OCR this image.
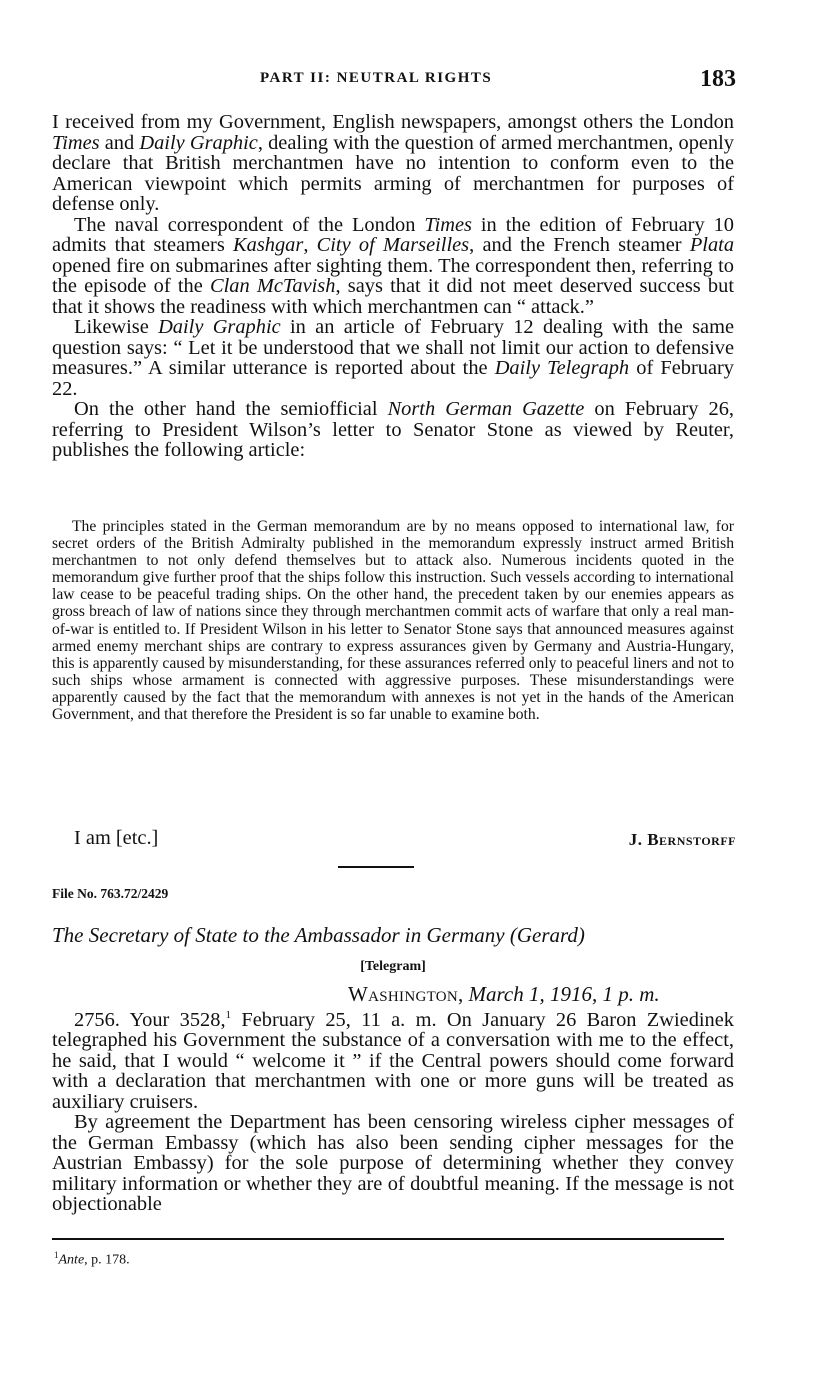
PART II: NEUTRAL RIGHTS	183

I received from my Government, English newspapers, amongst others the London Times and Daily Graphic, dealing with the question of armed merchantmen, openly declare that British merchantmen have no intention to conform even to the American viewpoint which permits arming of merchantmen for purposes of defense only.

The naval correspondent of the London Times in the edition of February 10 admits that steamers Kashgar, City of Marseilles, and the French steamer Plata opened fire on submarines after sighting them. The correspondent then, referring to the episode of the Clan McTavish, says that it did not meet deserved success but that it shows the readiness with which merchantmen can “ attack.”

Likewise Daily Graphic in an article of February 12 dealing with the same question says: “ Let it be understood that we shall not limit our action to defensive measures.” A similar utterance is reported about the Daily Telegraph of February 22.

On the other hand the semiofficial North German Gazette on February 26, referring to President Wilson’s letter to Senator Stone as viewed by Reuter, publishes the following article:

The principles stated in the German memorandum are by no means opposed to international law, for secret orders of the British Admiralty published in the memorandum expressly instruct armed British merchantmen to not only defend themselves but to attack also. Numerous incidents quoted in the memorandum give further proof that the ships follow this instruction. Such vessels according to international law cease to be peaceful trading ships. On the other hand, the precedent taken by our enemies appears as gross breach of law of nations since they through merchantmen commit acts of warfare that only a real man-of-war is entitled to. If President Wilson in his letter to Senator Stone says that announced measures against armed enemy merchant ships are contrary to express assurances given by Germany and Austria-Hungary, this is apparently caused by misunderstanding, for these assurances referred only to peaceful liners and not to such ships whose armament is connected with aggressive purposes. These misunderstandings were apparently caused by the fact that the memorandum with annexes is not yet in the hands of the American Government, and that therefore the President is so far unable to examine both.

I am [etc.]	J. Bernstorff
File No. 763.72/2429
The Secretary of State to the Ambassador in Germany (Gerard)
[Telegram]
Washington, March 1, 1916, 1 p. m.

2756. Your 3528,$^1$ February 25, 11 a. m. On January 26 Baron Zwiedinek telegraphed his Government the substance of a conversation with me to the effect, he said, that I would “ welcome it ” if the Central powers should come forward with a declaration that merchantmen with one or more guns will be treated as auxiliary cruisers.

By agreement the Department has been censoring wireless cipher messages of the German Embassy (which has also been sending cipher messages for the Austrian Embassy) for the sole purpose of determining whether they convey military information or whether they are of doubtful meaning. If the message is not objectionable

$^1$Ante, p. 178.
